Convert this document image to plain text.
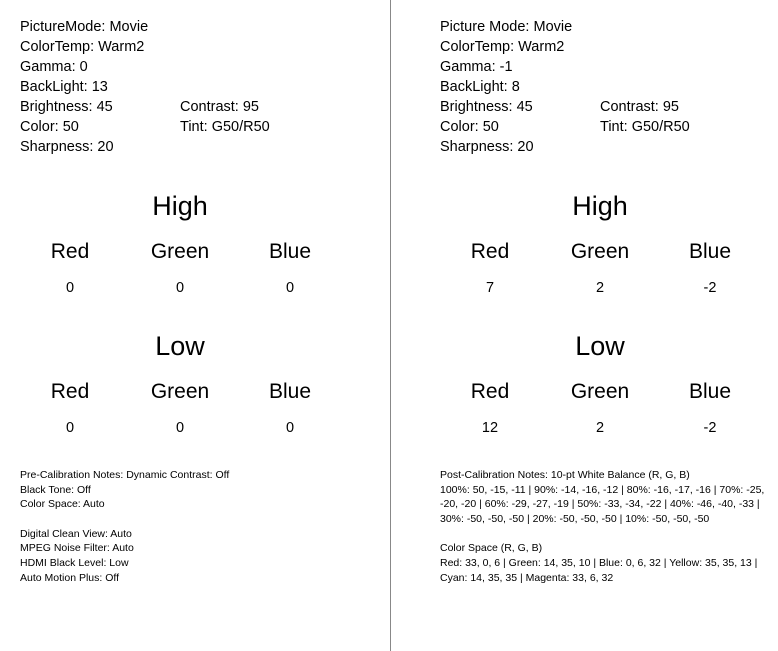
PictureMode: Movie
ColorTemp: Warm2
Gamma: 0
BackLight: 13
Brightness: 45	Contrast: 95
Color: 50	Tint: G50/R50
Sharpness: 20
High
Red	Green	Blue
0	0	0
Low
Red	Green	Blue
0	0	0
Pre-Calibration Notes: Dynamic Contrast: Off
Black Tone: Off
Color Space: Auto
Digital Clean View: Auto
MPEG Noise Filter: Auto
HDMI Black Level: Low
Auto Motion Plus: Off
Picture Mode: Movie
ColorTemp: Warm2
Gamma: -1
BackLight: 8
Brightness: 45	Contrast: 95
Color: 50	Tint: G50/R50
Sharpness: 20
High
Red	Green	Blue
7	2	-2
Low
Red	Green	Blue
12	2	-2
Post-Calibration Notes: 10-pt White Balance (R, G, B)
100%: 50, -15, -11 | 90%: -14, -16, -12 | 80%: -16, -17, -16 | 70%: -25, -20, -20 | 60%: -29, -27, -19 | 50%: -33, -34, -22 | 40%: -46, -40, -33 | 30%: -50, -50, -50 | 20%: -50, -50, -50 | 10%: -50, -50, -50
Color Space (R, G, B)
Red: 33, 0, 6 | Green: 14, 35, 10 | Blue: 0, 6, 32 | Yellow: 35, 35, 13 | Cyan: 14, 35, 35 | Magenta: 33, 6, 32
